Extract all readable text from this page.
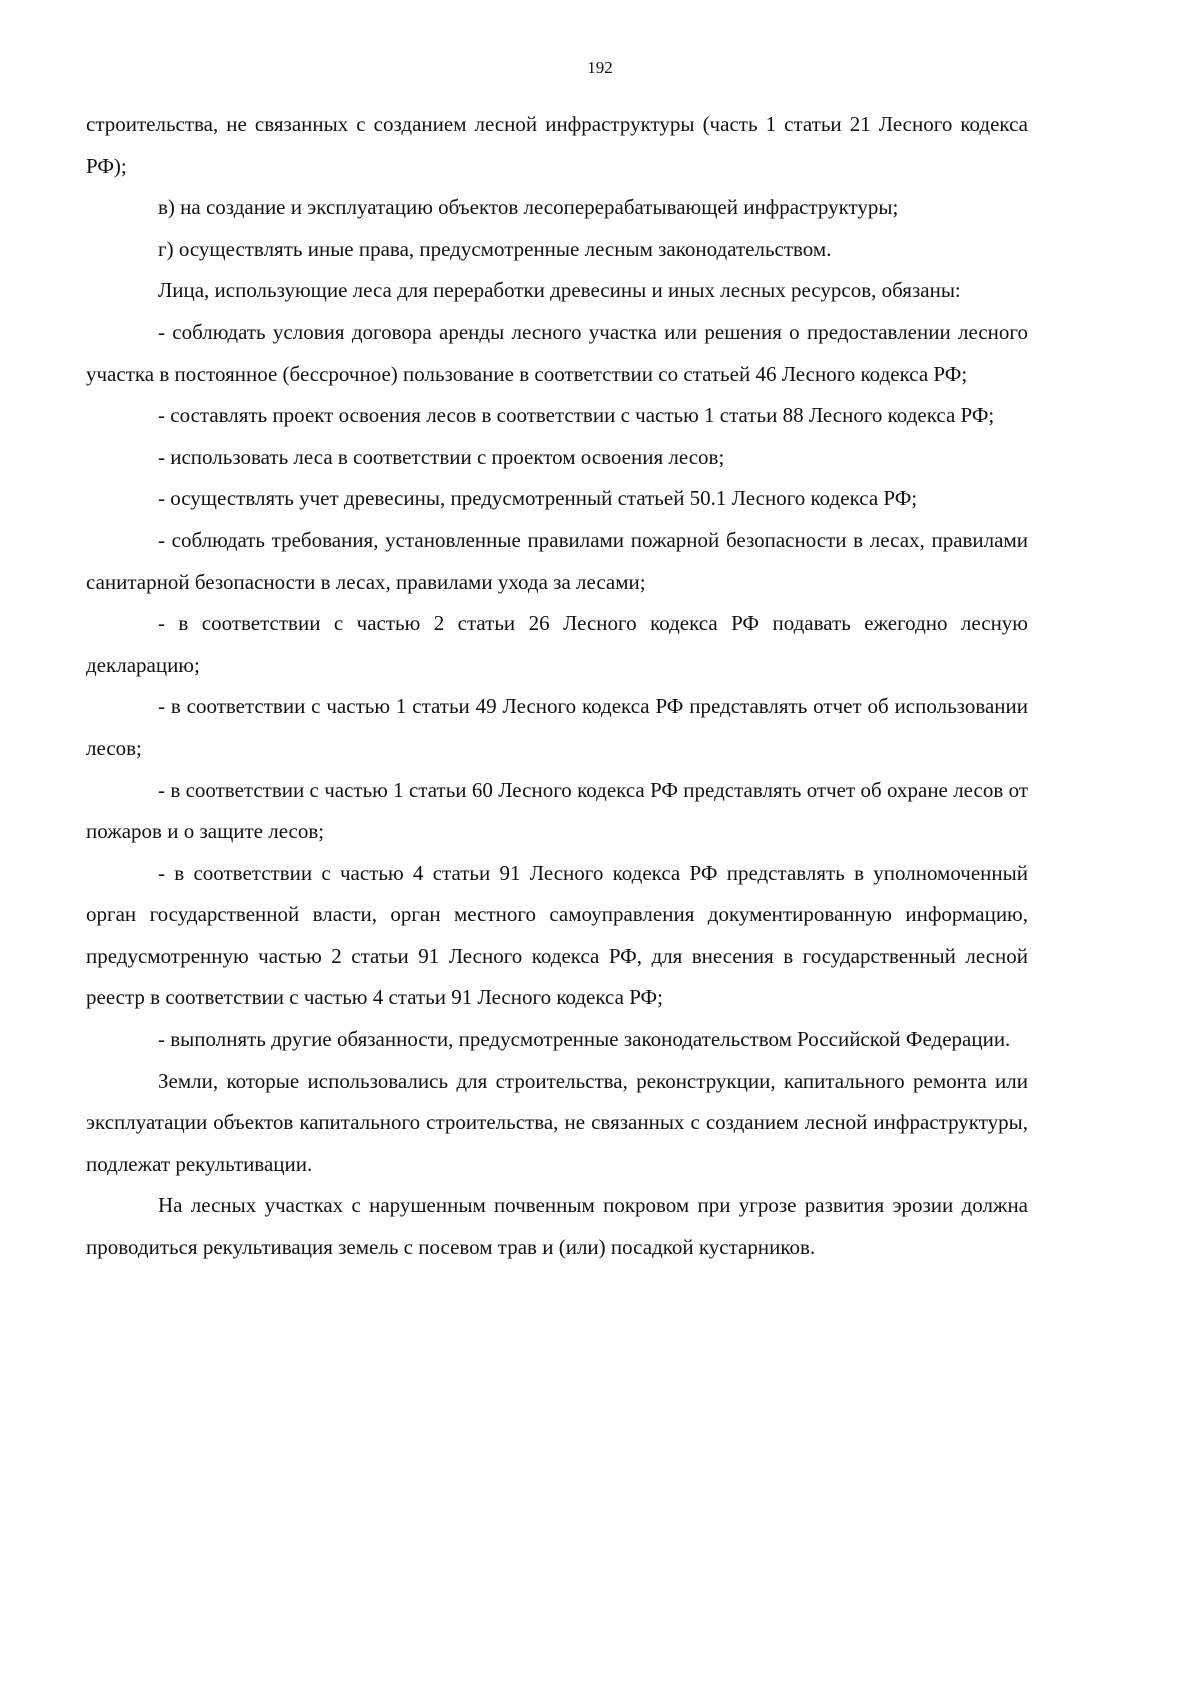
192

строительства, не связанных с созданием лесной инфраструктуры (часть 1 статьи 21 Лесного кодекса РФ);

в) на создание и эксплуатацию объектов лесоперерабатывающей инфраструктуры;

г) осуществлять иные права, предусмотренные лесным законодательством.

Лица, использующие леса для переработки древесины и иных лесных ресурсов, обязаны:

- соблюдать условия договора аренды лесного участка или решения о предоставлении лесного участка в постоянное (бессрочное) пользование в соответствии со статьей 46 Лесного кодекса РФ;

- составлять проект освоения лесов в соответствии с частью 1 статьи 88 Лесного кодекса РФ;

- использовать леса в соответствии с проектом освоения лесов;

- осуществлять учет древесины, предусмотренный статьей 50.1 Лесного кодекса РФ;

- соблюдать требования, установленные правилами пожарной безопасности в лесах, правилами санитарной безопасности в лесах, правилами ухода за лесами;

- в соответствии с частью 2 статьи 26 Лесного кодекса РФ подавать ежегодно лесную декларацию;

- в соответствии с частью 1 статьи 49 Лесного кодекса РФ представлять отчет об использовании лесов;

- в соответствии с частью 1 статьи 60 Лесного кодекса РФ представлять отчет об охране лесов от пожаров и о защите лесов;

- в соответствии с частью 4 статьи 91 Лесного кодекса РФ представлять в уполномоченный орган государственной власти, орган местного самоуправления документированную информацию, предусмотренную частью 2 статьи 91 Лесного кодекса РФ, для внесения в государственный лесной реестр в соответствии с частью 4 статьи 91 Лесного кодекса РФ;

- выполнять другие обязанности, предусмотренные законодательством Российской Федерации.

Земли, которые использовались для строительства, реконструкции, капитального ремонта или эксплуатации объектов капитального строительства, не связанных с созданием лесной инфраструктуры, подлежат рекультивации.

На лесных участках с нарушенным почвенным покровом при угрозе развития эрозии должна проводиться рекультивация земель с посевом трав и (или) посадкой кустарников.
